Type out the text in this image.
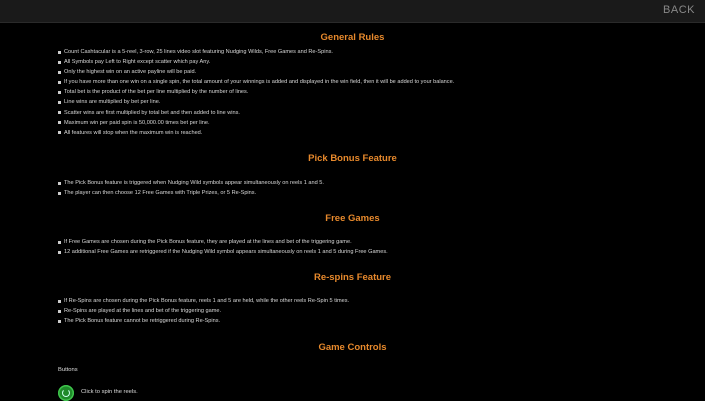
BACK
General Rules
Count Cashtacular is a 5-reel, 3-row, 25 lines video slot featuring Nudging Wilds, Free Games and Re-Spins.
All Symbols pay Left to Right except scatter which pay Any.
Only the highest win on an active payline will be paid.
If you have more than one win on a single spin, the total amount of your winnings is added and displayed in the win field, then it will be added to your balance.
Total bet is the product of the bet per line multiplied by the number of lines.
Line wins are multiplied by bet per line.
Scatter wins are first multiplied by total bet and then added to line wins.
Maximum win per paid spin is 50,000.00 times bet per line.
All features will stop when the maximum win is reached.
Pick Bonus Feature
The Pick Bonus feature is triggered when Nudging Wild symbols appear simultaneously on reels 1 and 5.
The player can then choose 12 Free Games with Triple Prizes, or 5 Re-Spins.
Free Games
If Free Games are chosen during the Pick Bonus feature, they are played at the lines and bet of the triggering game.
12 additional Free Games are retriggered if the Nudging Wild symbol appears simultaneously on reels 1 and 5 during Free Games.
Re-spins Feature
If Re-Spins are chosen during the Pick Bonus feature, reels 1 and 5 are held, while the other reels Re-Spin 5 times.
Re-Spins are played at the lines and bet of the triggering game.
The Pick Bonus feature cannot be retriggered during Re-Spins.
Game Controls
Buttons
Click to spin the reels.
